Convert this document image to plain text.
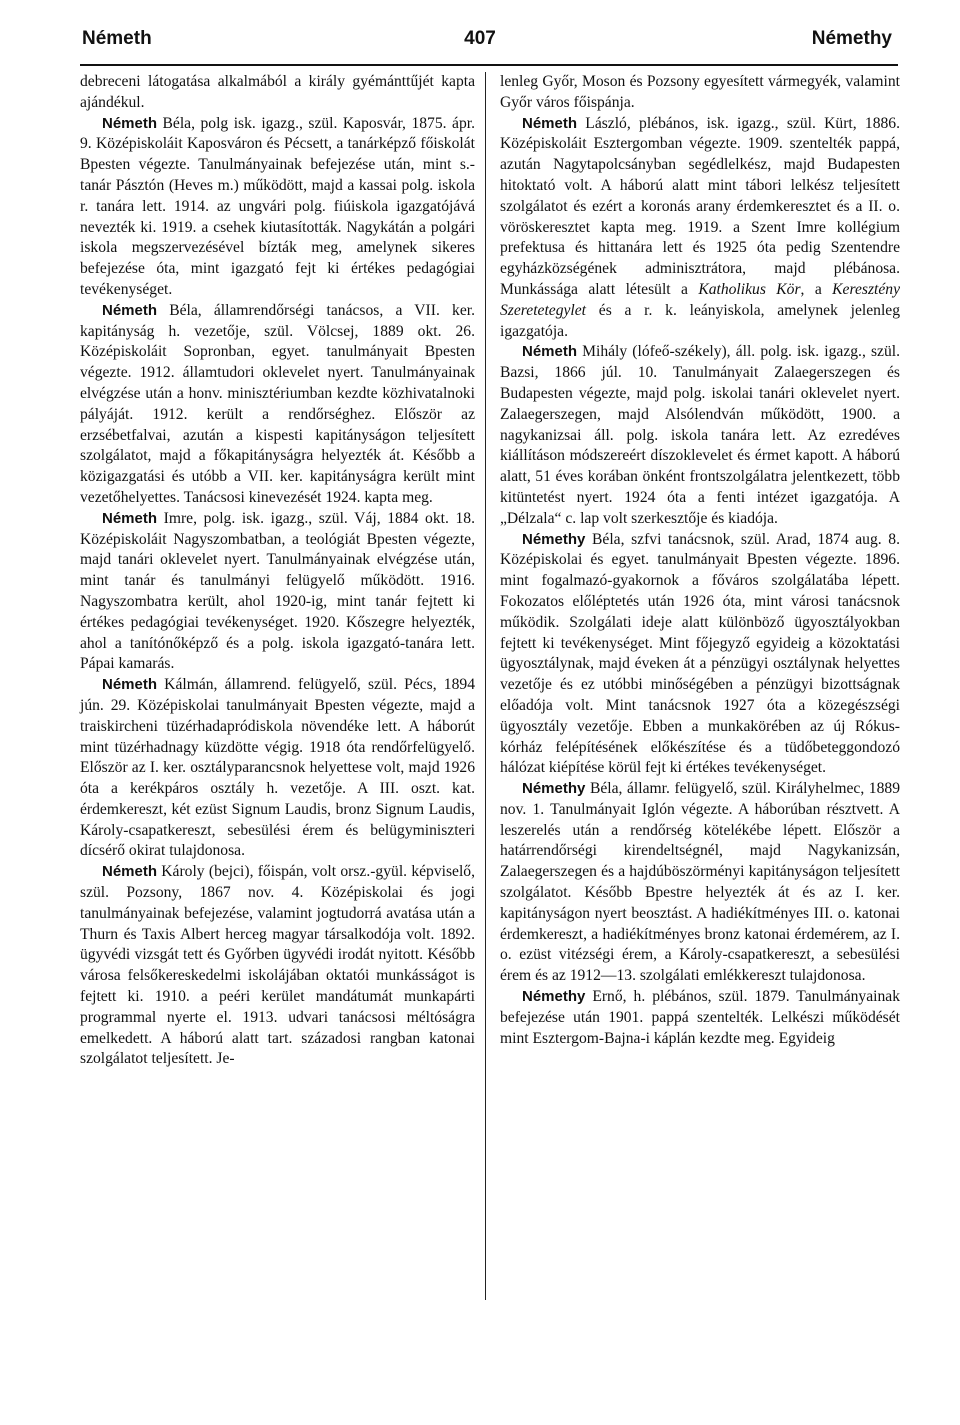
Németh	407	Némethy

debreceni látogatása alkalmából a király gyémánttűjét kapta ajándékul.

Németh Béla, polg isk. igazg., szül. Kaposvár, 1875. ápr. 9. Középiskoláit Kaposváron és Pécsett, a tanárképző főiskolát Bpesten végezte. Tanulmányainak befejezése után, mint s.-tanár Pásztón (Heves m.) működött, majd a kassai polg. iskola r. tanára lett. 1914. az ungvári polg. fiúiskola igazgatójává nevezték ki. 1919. a csehek kiutasították. Nagykátán a polgári iskola megszervezésével bízták meg, amelynek sikeres befejezése óta, mint igazgató fejt ki értékes pedagógiai tevékenységet.

Németh Béla, államrendőrségi tanácsos, a VII. ker. kapitányság h. vezetője, szül. Völcsej, 1889 okt. 26. Középiskoláit Sopronban, egyet. tanulmányait Bpesten végezte. 1912. államtudori oklevelet nyert. Tanulmányainak elvégzése után a honv. minisztériumban kezdte közhivatalnoki pályáját. 1912. került a rendőrséghez. Először az erzsébetfalvai, azután a kispesti kapitányságon teljesített szolgálatot, majd a főkapitányságra helyezték át. Később a közigazgatási és utóbb a VII. ker. kapitányságra került mint vezetőhelyettes. Tanácsosi kinevezését 1924. kapta meg.

Németh Imre, polg. isk. igazg., szül. Váj, 1884 okt. 18. Középiskoláit Nagyszombatban, a teológiát Bpesten végezte, majd tanári oklevelet nyert. Tanulmányainak elvégzése után, mint tanár és tanulmányi felügyelő működött. 1916. Nagyszombatra került, ahol 1920-ig, mint tanár fejtett ki értékes pedagógiai tevékenységet. 1920. Kőszegre helyezték, ahol a tanítónőképző és a polg. iskola igazgató-tanára lett. Pápai kamarás.

Németh Kálmán, államrend. felügyelő, szül. Pécs, 1894 jún. 29. Középiskolai tanulmányait Bpesten végezte, majd a traiskircheni tüzérhadapródiskola növendéke lett. A háborút mint tüzérhadnagy küzdötte végig. 1918 óta rendőrfelügyelő. Először az I. ker. osztályparancsnok helyettese volt, majd 1926 óta a kerékpáros osztály h. vezetője. A III. oszt. kat. érdemkereszt, két ezüst Signum Laudis, bronz Signum Laudis, Károly-csapatkereszt, sebesülési érem és belügyminiszteri dícsérő okirat tulajdonosa.

Németh Károly (bejci), főispán, volt orsz.-gyül. képviselő, szül. Pozsony, 1867 nov. 4. Középiskolai és jogi tanulmányainak befejezése, valamint jogtudorrá avatása után a Thurn és Taxis Albert herceg magyar társalkodója volt. 1892. ügyvédi vizsgát tett és Győrben ügyvédi irodát nyitott. Később városa felsőkereskedelmi iskolájában oktatói munkásságot is fejtett ki. 1910. a peéri kerület mandátumát munkapárti programmal nyerte el. 1913. udvari tanácsosi méltóságra emelkedett. A háború alatt tart. századosi rangban katonai szolgálatot teljesített. Je-

lenleg Győr, Moson és Pozsony egyesített vármegyék, valamint Győr város főispánja.

Németh László, plébános, isk. igazg., szül. Kürt, 1886. Középiskoláit Esztergomban végezte. 1909. szentelték pappá, azután Nagytapolcsányban segédlelkész, majd Budapesten hitoktató volt. A háború alatt mint tábori lelkész teljesített szolgálatot és ezért a koronás arany érdemkeresztet és a II. o. vöröskeresztet kapta meg. 1919. a Szent Imre kollégium prefektusa és hittanára lett és 1925 óta pedig Szentendre egyházközségének adminisztrátora, majd plébánosa. Munkássága alatt létesült a Katholikus Kör, a Keresztény Szeretetegylet és a r. k. leányiskola, amelynek jelenleg igazgatója.

Németh Mihály (lófeő-székely), áll. polg. isk. igazg., szül. Bazsi, 1866 júl. 10. Tanulmányait Zalaegerszegen és Budapesten végezte, majd polg. iskolai tanári oklevelet nyert. Zalaegerszegen, majd Alsólendván működött, 1900. a nagykanizsai áll. polg. iskola tanára lett. Az ezredéves kiállításon módszereért díszoklevelet és érmet kapott. A háború alatt, 51 éves korában önként frontszolgálatra jelentkezett, több kitüntetést nyert. 1924 óta a fenti intézet igazgatója. A „Délzala“ c. lap volt szerkesztője és kiadója.

Némethy Béla, szfvi tanácsnok, szül. Arad, 1874 aug. 8. Középiskolai és egyet. tanulmányait Bpesten végezte. 1896. mint fogalmazó-gyakornok a főváros szolgálatába lépett. Fokozatos előléptetés után 1926 óta, mint városi tanácsnok működik. Szolgálati ideje alatt különböző ügyosztályokban fejtett ki tevékenységet. Mint főjegyző egyideig a közoktatási ügyosztálynak, majd éveken át a pénzügyi osztálynak helyettes vezetője és ez utóbbi minőségében a pénzügyi bizottságnak előadója volt. Mint tanácsnok 1927 óta a közegészségi ügyosztály vezetője. Ebben a munkakörében az új Rókus-kórház felépítésének előkészítése és a tüdőbeteggondozó hálózat kiépítése körül fejt ki értékes tevékenységet.

Némethy Béla, államr. felügyelő, szül. Királyhelmec, 1889 nov. 1. Tanulmányait Iglón végezte. A háborúban résztvett. A leszerelés után a rendőrség kötelékébe lépett. Először a határrendőrségi kirendeltségnél, majd Nagykanizsán, Zalaegerszegen és a hajdúböszörményi kapitányságon teljesített szolgálatot. Később Bpestre helyezték át és az I. ker. kapitányságon nyert beosztást. A hadiékítményes III. o. katonai érdemkereszt, a hadiékítményes bronz katonai érdemérem, az I. o. ezüst vitézségi érem, a Károly-csapatkereszt, a sebesülési érem és az 1912—13. szolgálati emlékkereszt tulajdonosa.

Némethy Ernő, h. plébános, szül. 1879. Tanulmányainak befejezése után 1901. pappá szentelték. Lelkészi működését mint Esztergom-Bajna-i káplán kezdte meg. Egyideig
